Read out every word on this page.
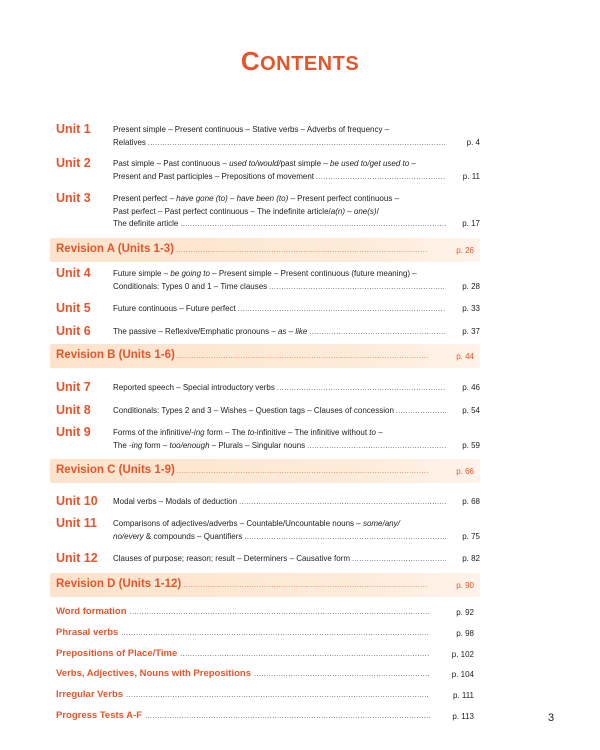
CONTENTS
Unit 1	Present simple – Present continuous – Stative verbs – Adverbs of frequency –
Relatives .....	p. 4
Unit 2	Past simple – Past continuous – used to/would/past simple – be used to/get used to –
Present and Past participles – Prepositions of movement .....	p. 11
Unit 3	Present perfect – have gone (to) – have been (to) – Present perfect continuous –
Past perfect – Past perfect continuous – The indefinite article/a(n) – one(s)/
The definite article .....	p. 17
Revision A (Units 1-3) .....	p. 26
Unit 4	Future simple – be going to – Present simple – Present continuous (future meaning) –
Conditionals: Types 0 and 1 – Time clauses .....	p. 28
Unit 5	Future continuous – Future perfect .....	p. 33
Unit 6	The passive – Reflexive/Emphatic pronouns – as – like .....	p. 37
Revision B (Units 1-6) .....	p. 44
Unit 7	Reported speech – Special introductory verbs .....	p. 46
Unit 8	Conditionals: Types 2 and 3 – Wishes – Question tags – Clauses of concession .....	p. 54
Unit 9	Forms of the infinitive/-ing form – The to-infinitive – The infinitive without to –
The -ing form – too/enough – Plurals – Singular nouns .....	p. 59
Revision C (Units 1-9) .....	p. 66
Unit 10 Modal verbs – Modals of deduction .....	p. 68
Unit 11 Comparisons of adjectives/adverbs – Countable/Uncountable nouns – some/any/
no/every & compounds – Quantifiers .....	p. 75
Unit 12 Clauses of purpose; reason; result – Determiners – Causative form .....	p. 82
Revision D (Units 1-12) .....	p. 90
Word formation .....	p. 92
Phrasal verbs .....	p. 98
Prepositions of Place/Time .....	p. 102
Verbs, Adjectives, Nouns with Prepositions .....	p. 104
Irregular Verbs .....	p. 111
Progress Tests A-F .....	p. 113	3
